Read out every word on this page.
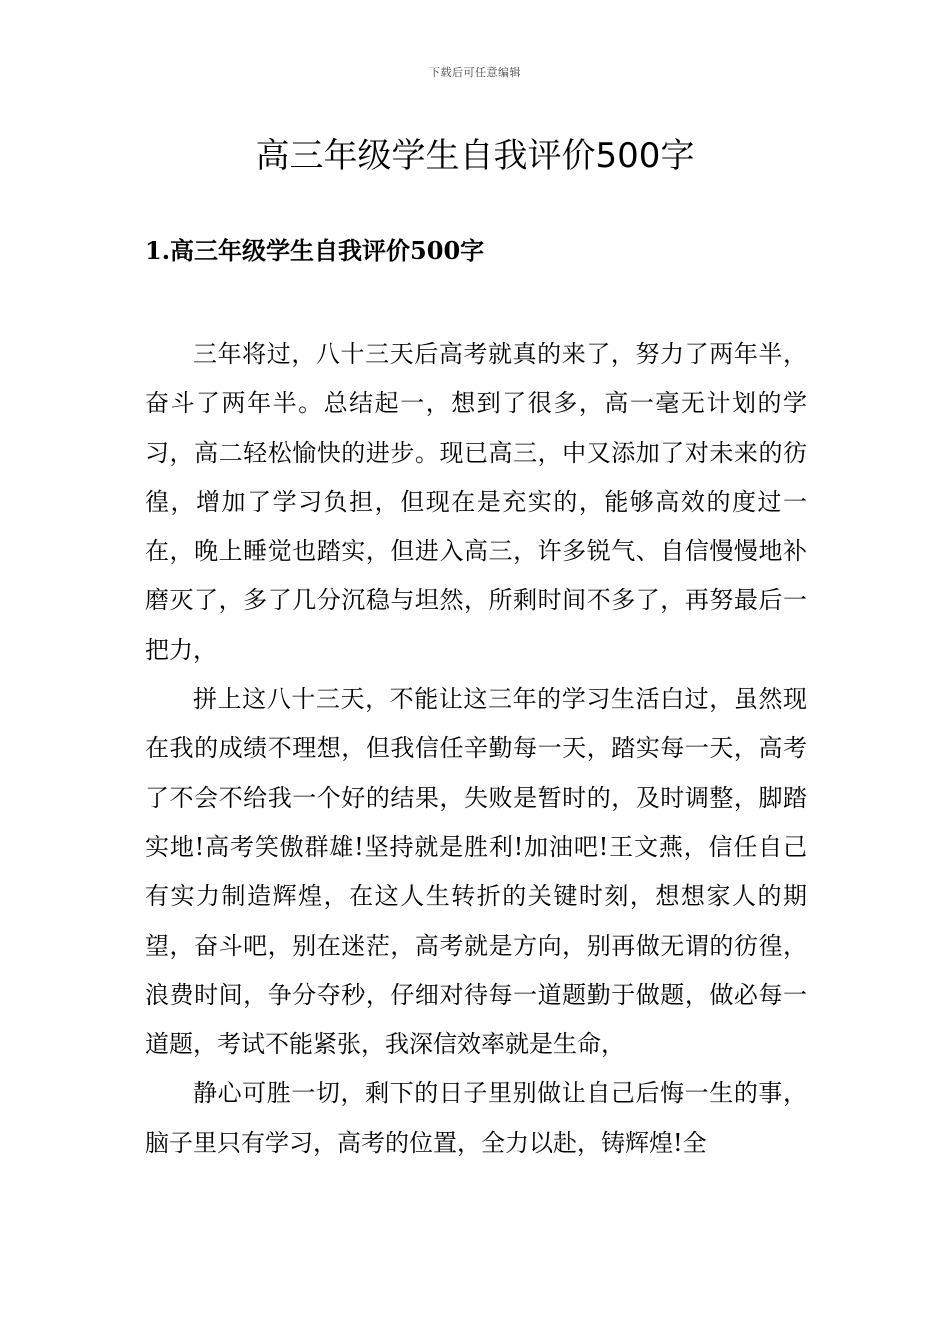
下载后可任意编辑
高三年级学生自我评价500字
1.高三年级学生自我评价500字

三年将过，八十三天后高考就真的来了，努力了两年半，奋斗了两年半。总结起一，想到了很多，高一毫无计划的学习，高二轻松愉快的进步。现已高三，中又添加了对未来的彷徨，增加了学习负担，但现在是充实的，能够高效的度过一在，晚上睡觉也踏实，但进入高三，许多锐气、自信慢慢地补磨灭了，多了几分沉稳与坦然，所剩时间不多了，再努最后一把力，

拼上这八十三天，不能让这三年的学习生活白过，虽然现在我的成绩不理想，但我信任辛勤每一天，踏实每一天，高考了不会不给我一个好的结果，失败是暂时的，及时调整，脚踏实地!高考笑傲群雄!坚持就是胜利!加油吧!王文燕，信任自己有实力制造辉煌，在这人生转折的关键时刻，想想家人的期望，奋斗吧，别在迷茫，高考就是方向，别再做无谓的彷徨，浪费时间，争分夺秒，仔细对待每一道题勤于做题，做必每一道题，考试不能紧张，我深信效率就是生命，

静心可胜一切，剩下的日子里别做让自己后悔一生的事，脑子里只有学习，高考的位置，全力以赴，铸辉煌!全
